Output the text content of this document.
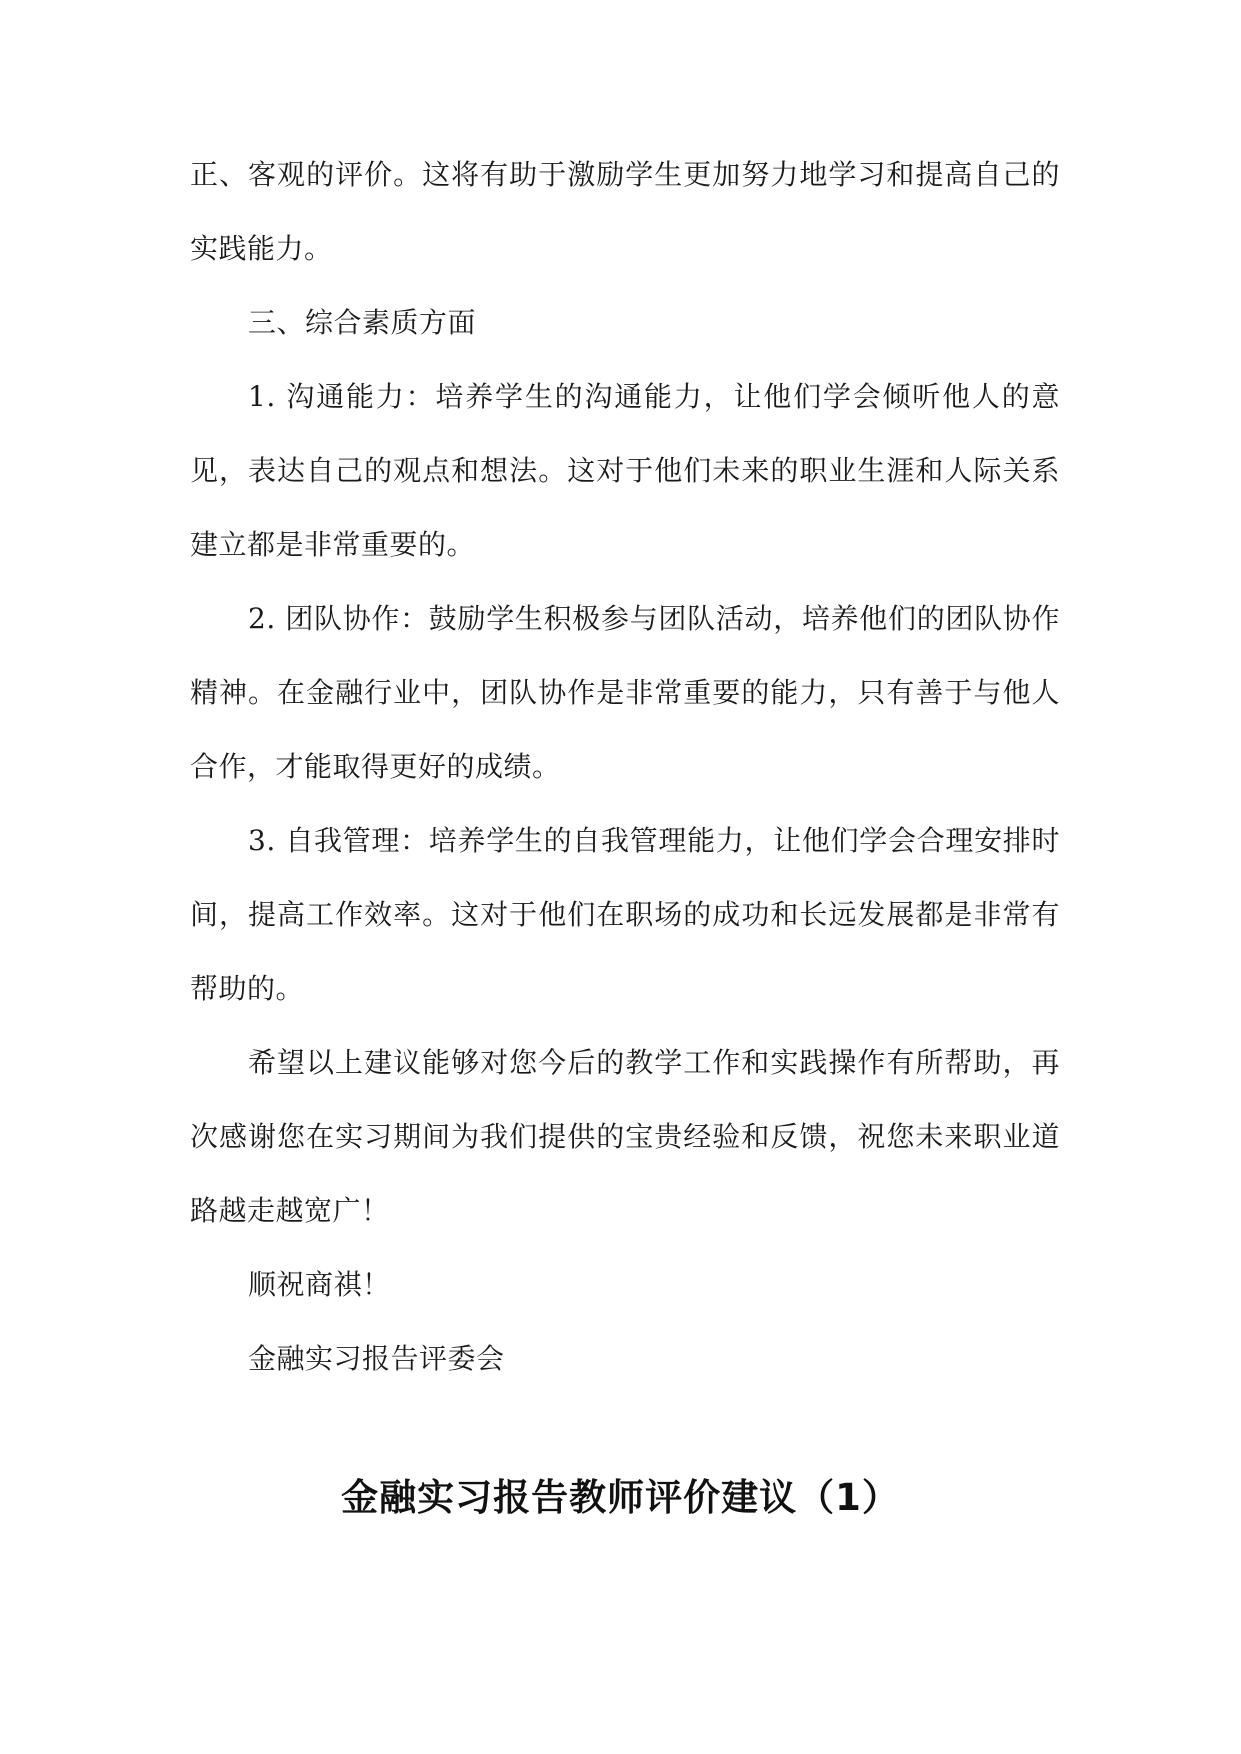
正、客观的评价。这将有助于激励学生更加努力地学习和提高自己的实践能力。

三、综合素质方面

1. 沟通能力：培养学生的沟通能力，让他们学会倾听他人的意见，表达自己的观点和想法。这对于他们未来的职业生涯和人际关系建立都是非常重要的。

2. 团队协作：鼓励学生积极参与团队活动，培养他们的团队协作精神。在金融行业中，团队协作是非常重要的能力，只有善于与他人合作，才能取得更好的成绩。

3. 自我管理：培养学生的自我管理能力，让他们学会合理安排时间，提高工作效率。这对于他们在职场的成功和长远发展都是非常有帮助的。

希望以上建议能够对您今后的教学工作和实践操作有所帮助，再次感谢您在实习期间为我们提供的宝贵经验和反馈，祝您未来职业道路越走越宽广！

顺祝商祺！

金融实习报告评委会

金融实习报告教师评价建议（1）
